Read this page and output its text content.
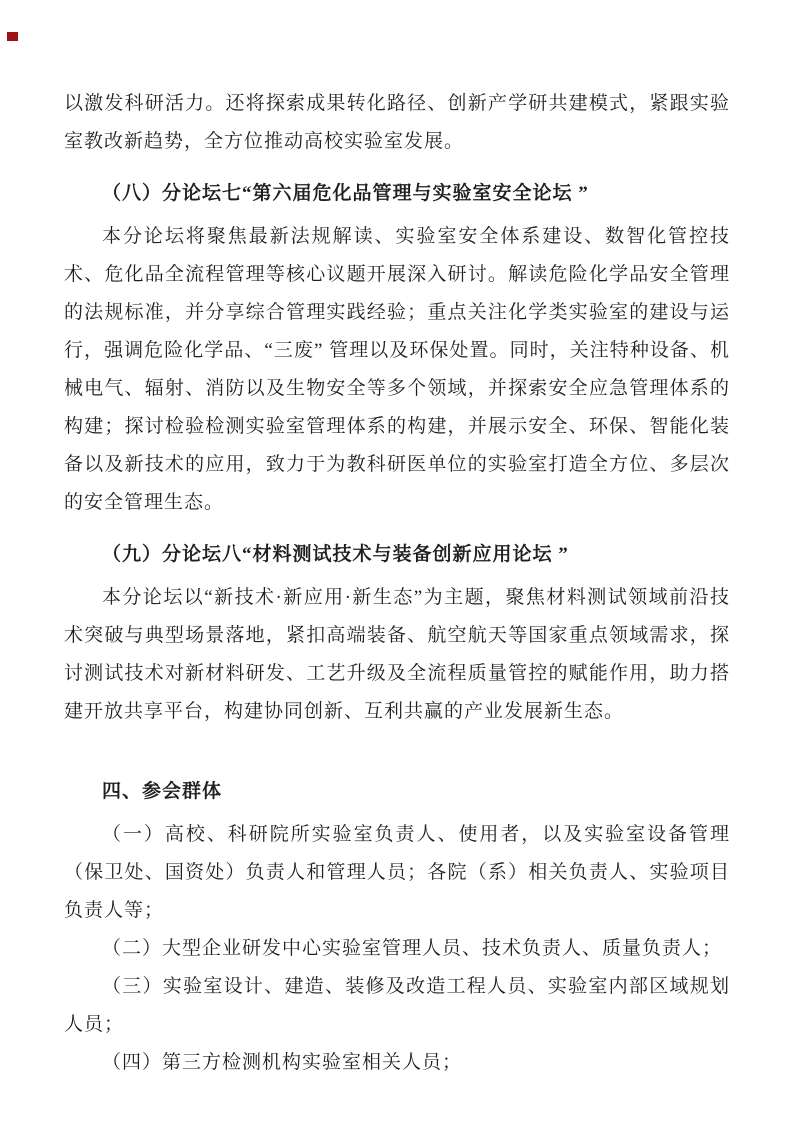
以激发科研活力。还将探索成果转化路径、创新产学研共建模式，紧跟实验室教改新趋势，全方位推动高校实验室发展。

（八）分论坛七“第六届危化品管理与实验室安全论坛 ”

本分论坛将聚焦最新法规解读、实验室安全体系建设、数智化管控技术、危化品全流程管理等核心议题开展深入研讨。解读危险化学品安全管理的法规标准，并分享综合管理实践经验；重点关注化学类实验室的建设与运行，强调危险化学品、“三废” 管理以及环保处置。同时，关注特种设备、机械电气、辐射、消防以及生物安全等多个领域，并探索安全应急管理体系的构建；探讨检验检测实验室管理体系的构建，并展示安全、环保、智能化装备以及新技术的应用，致力于为教科研医单位的实验室打造全方位、多层次的安全管理生态。

（九）分论坛八“材料测试技术与装备创新应用论坛 ”

本分论坛以“新技术·新应用·新生态”为主题，聚焦材料测试领域前沿技术突破与典型场景落地，紧扣高端装备、航空航天等国家重点领域需求，探讨测试技术对新材料研发、工艺升级及全流程质量管控的赋能作用，助力搭建开放共享平台，构建协同创新、互利共赢的产业发展新生态。

四、参会群体

（一）高校、科研院所实验室负责人、使用者，以及实验室设备管理（保卫处、国资处）负责人和管理人员；各院（系）相关负责人、实验项目负责人等；

（二）大型企业研发中心实验室管理人员、技术负责人、质量负责人；

（三）实验室设计、建造、装修及改造工程人员、实验室内部区域规划人员；

（四）第三方检测机构实验室相关人员；
